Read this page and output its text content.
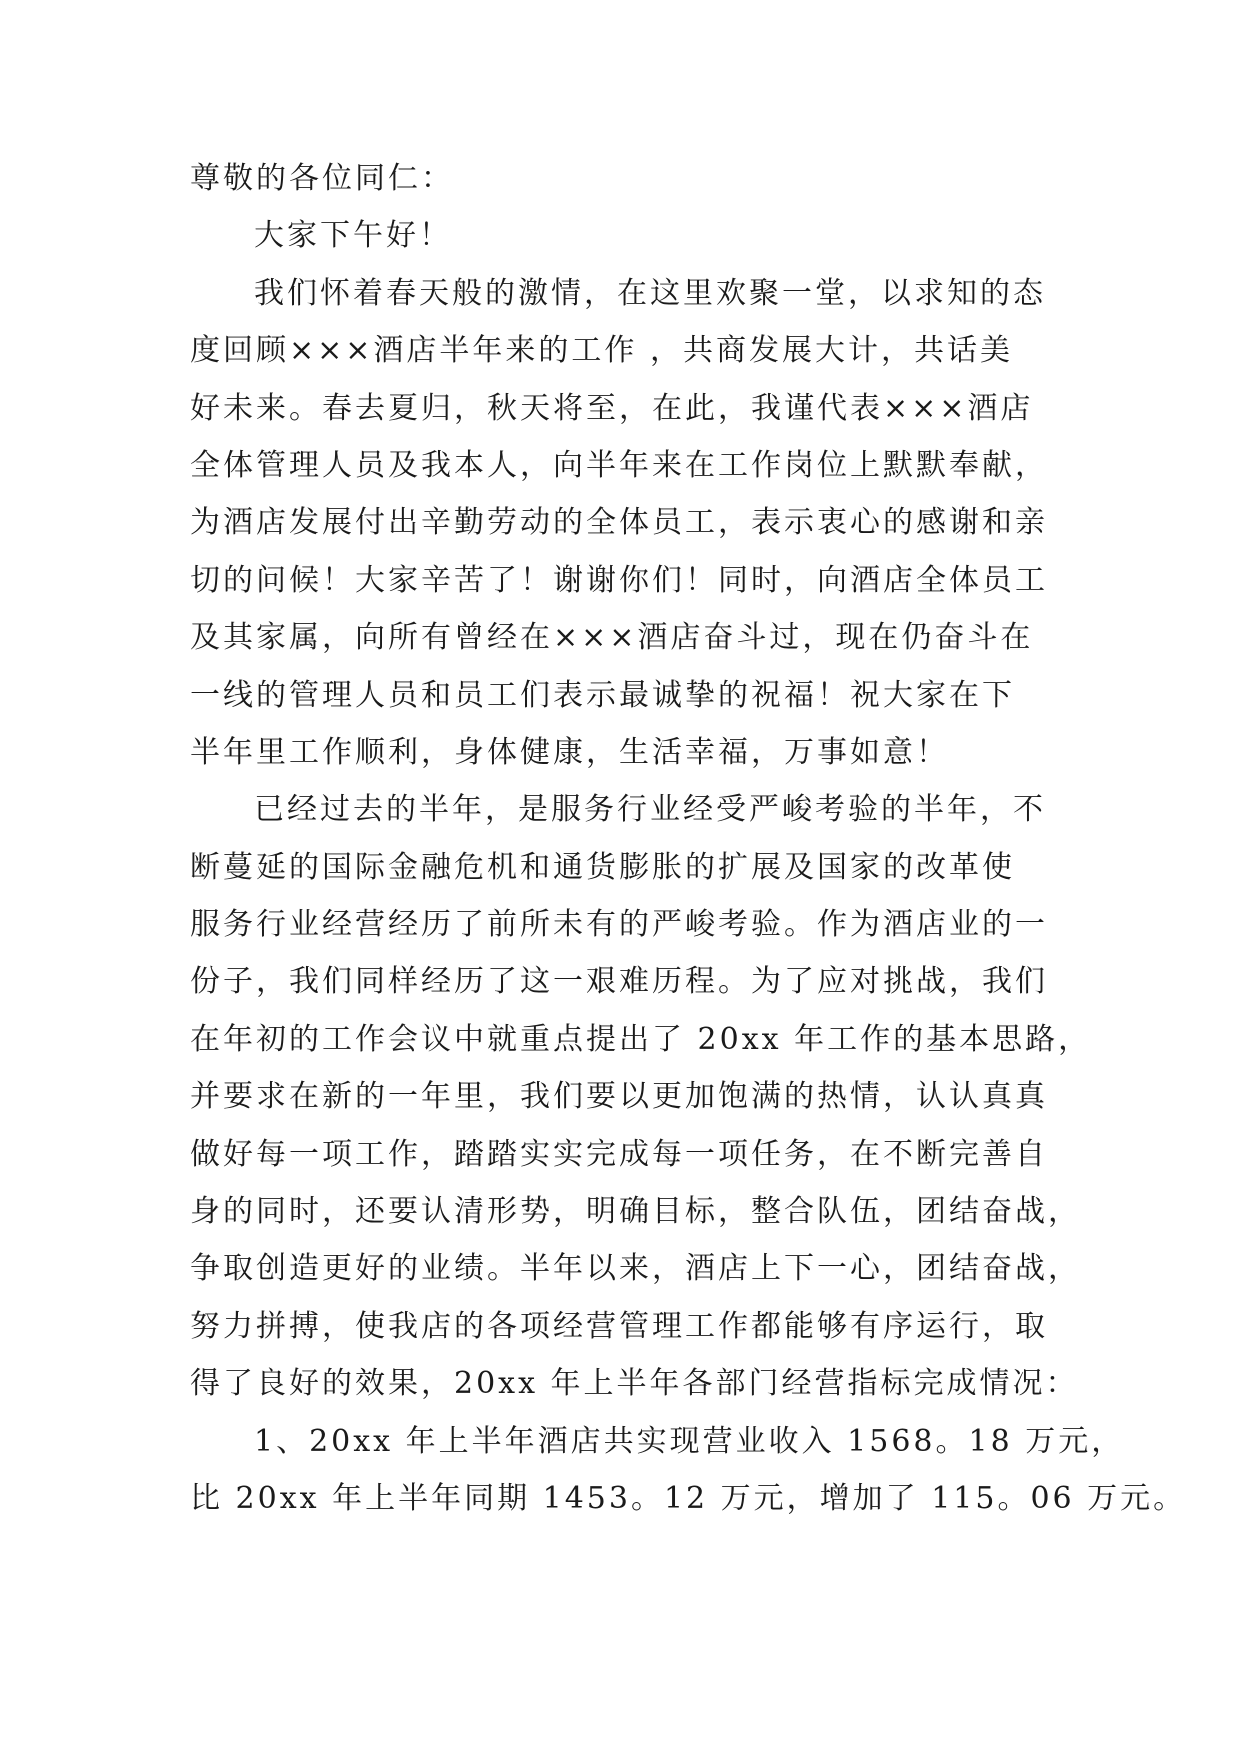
尊敬的各位同仁：
大家下午好！
我们怀着春天般的激情，在这里欢聚一堂，以求知的态
度回顾×××酒店半年来的工作 ，共商发展大计，共话美
好未来。春去夏归，秋天将至，在此，我谨代表×××酒店
全体管理人员及我本人，向半年来在工作岗位上默默奉献，
为酒店发展付出辛勤劳动的全体员工，表示衷心的感谢和亲
切的问候！大家辛苦了！谢谢你们！同时，向酒店全体员工
及其家属，向所有曾经在×××酒店奋斗过，现在仍奋斗在
一线的管理人员和员工们表示最诚挚的祝福！祝大家在下
半年里工作顺利，身体健康，生活幸福，万事如意！
已经过去的半年，是服务行业经受严峻考验的半年，不
断蔓延的国际金融危机和通货膨胀的扩展及国家的改革使
服务行业经营经历了前所未有的严峻考验。作为酒店业的一
份子，我们同样经历了这一艰难历程。为了应对挑战，我们
在年初的工作会议中就重点提出了 20xx 年工作的基本思路，
并要求在新的一年里，我们要以更加饱满的热情，认认真真
做好每一项工作，踏踏实实完成每一项任务，在不断完善自
身的同时，还要认清形势，明确目标，整合队伍，团结奋战，
争取创造更好的业绩。半年以来，酒店上下一心，团结奋战，
努力拼搏，使我店的各项经营管理工作都能够有序运行，取
得了良好的效果，20xx 年上半年各部门经营指标完成情况：
1、20xx 年上半年酒店共实现营业收入 1568。18 万元，
比 20xx 年上半年同期 1453。12 万元，增加了 115。06 万元。
